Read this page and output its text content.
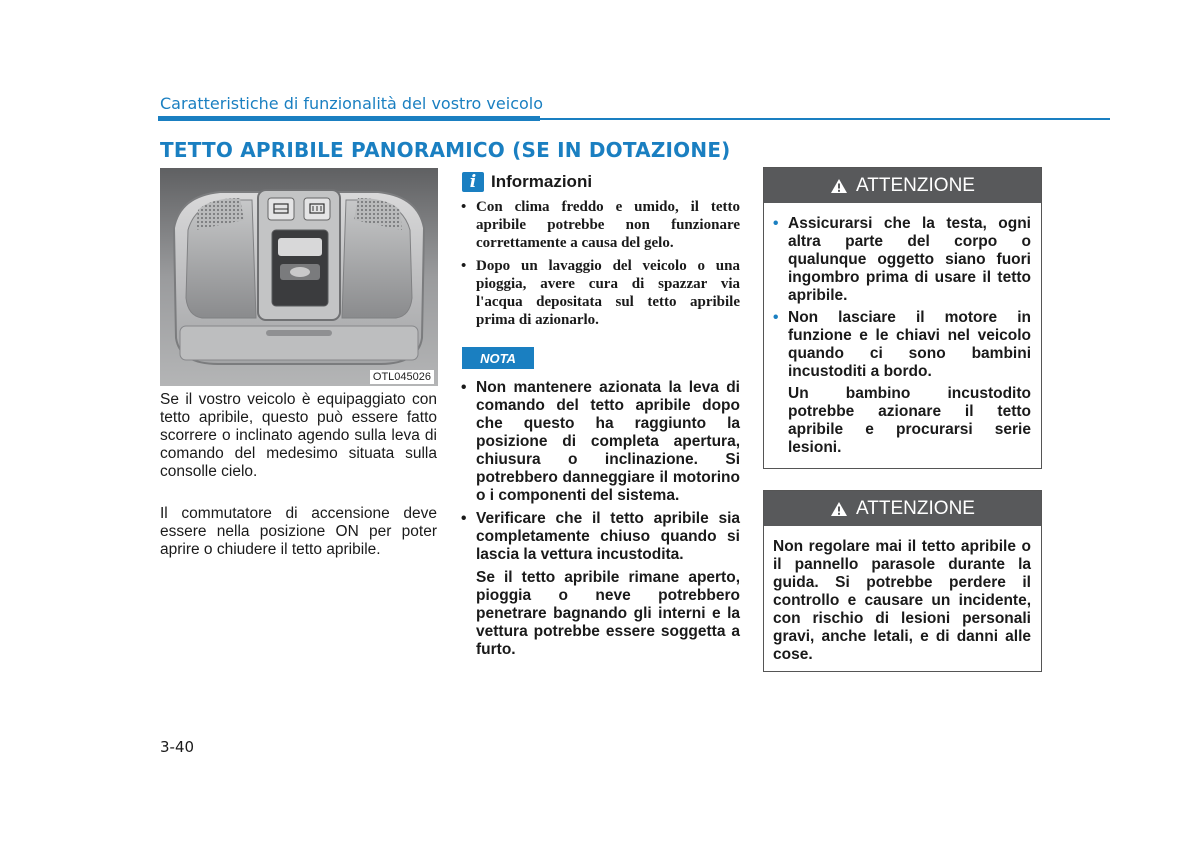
Caratteristiche di funzionalità del vostro veicolo
TETTO APRIBILE PANORAMICO (SE IN DOTAZIONE)
OTL045026

Se il vostro veicolo è equipaggiato con tetto apribile, questo può essere fatto scorrere o inclinato agendo sulla leva di comando del medesimo situata sulla consolle cielo.

Il commutatore di accensione deve essere nella posizione ON per poter aprire o chiudere il tetto apribile.

i Informazioni
• Con clima freddo e umido, il tetto apribile potrebbe non funzionare correttamente a causa del gelo.
• Dopo un lavaggio del veicolo o una pioggia, avere cura di spazzar via l'acqua depositata sul tetto apribile prima di azionarlo.
NOTA

• Non mantenere azionata la leva di comando del tetto apribile dopo che questo ha raggiunto la posizione di completa apertura, chiusura o inclinazione. Si potrebbero danneggiare il motorino o i componenti del sistema.

• Verificare che il tetto apribile sia completamente chiuso quando si lascia la vettura incustodita.

Se il tetto apribile rimane aperto, pioggia o neve potrebbero penetrare bagnando gli interni e la vettura potrebbe essere soggetta a furto.

ATTENZIONE

• Assicurarsi che la testa, ogni altra parte del corpo o qualunque oggetto siano fuori ingombro prima di usare il tetto apribile.

• Non lasciare il motore in funzione e le chiavi nel veicolo quando ci sono bambini incustoditi a bordo.

Un bambino incustodito potrebbe azionare il tetto apribile e procurarsi serie lesioni.

ATTENZIONE

Non regolare mai il tetto apribile o il pannello parasole durante la guida. Si potrebbe perdere il controllo e causare un incidente, con rischio di lesioni personali gravi, anche letali, e di danni alle cose.

3-40
